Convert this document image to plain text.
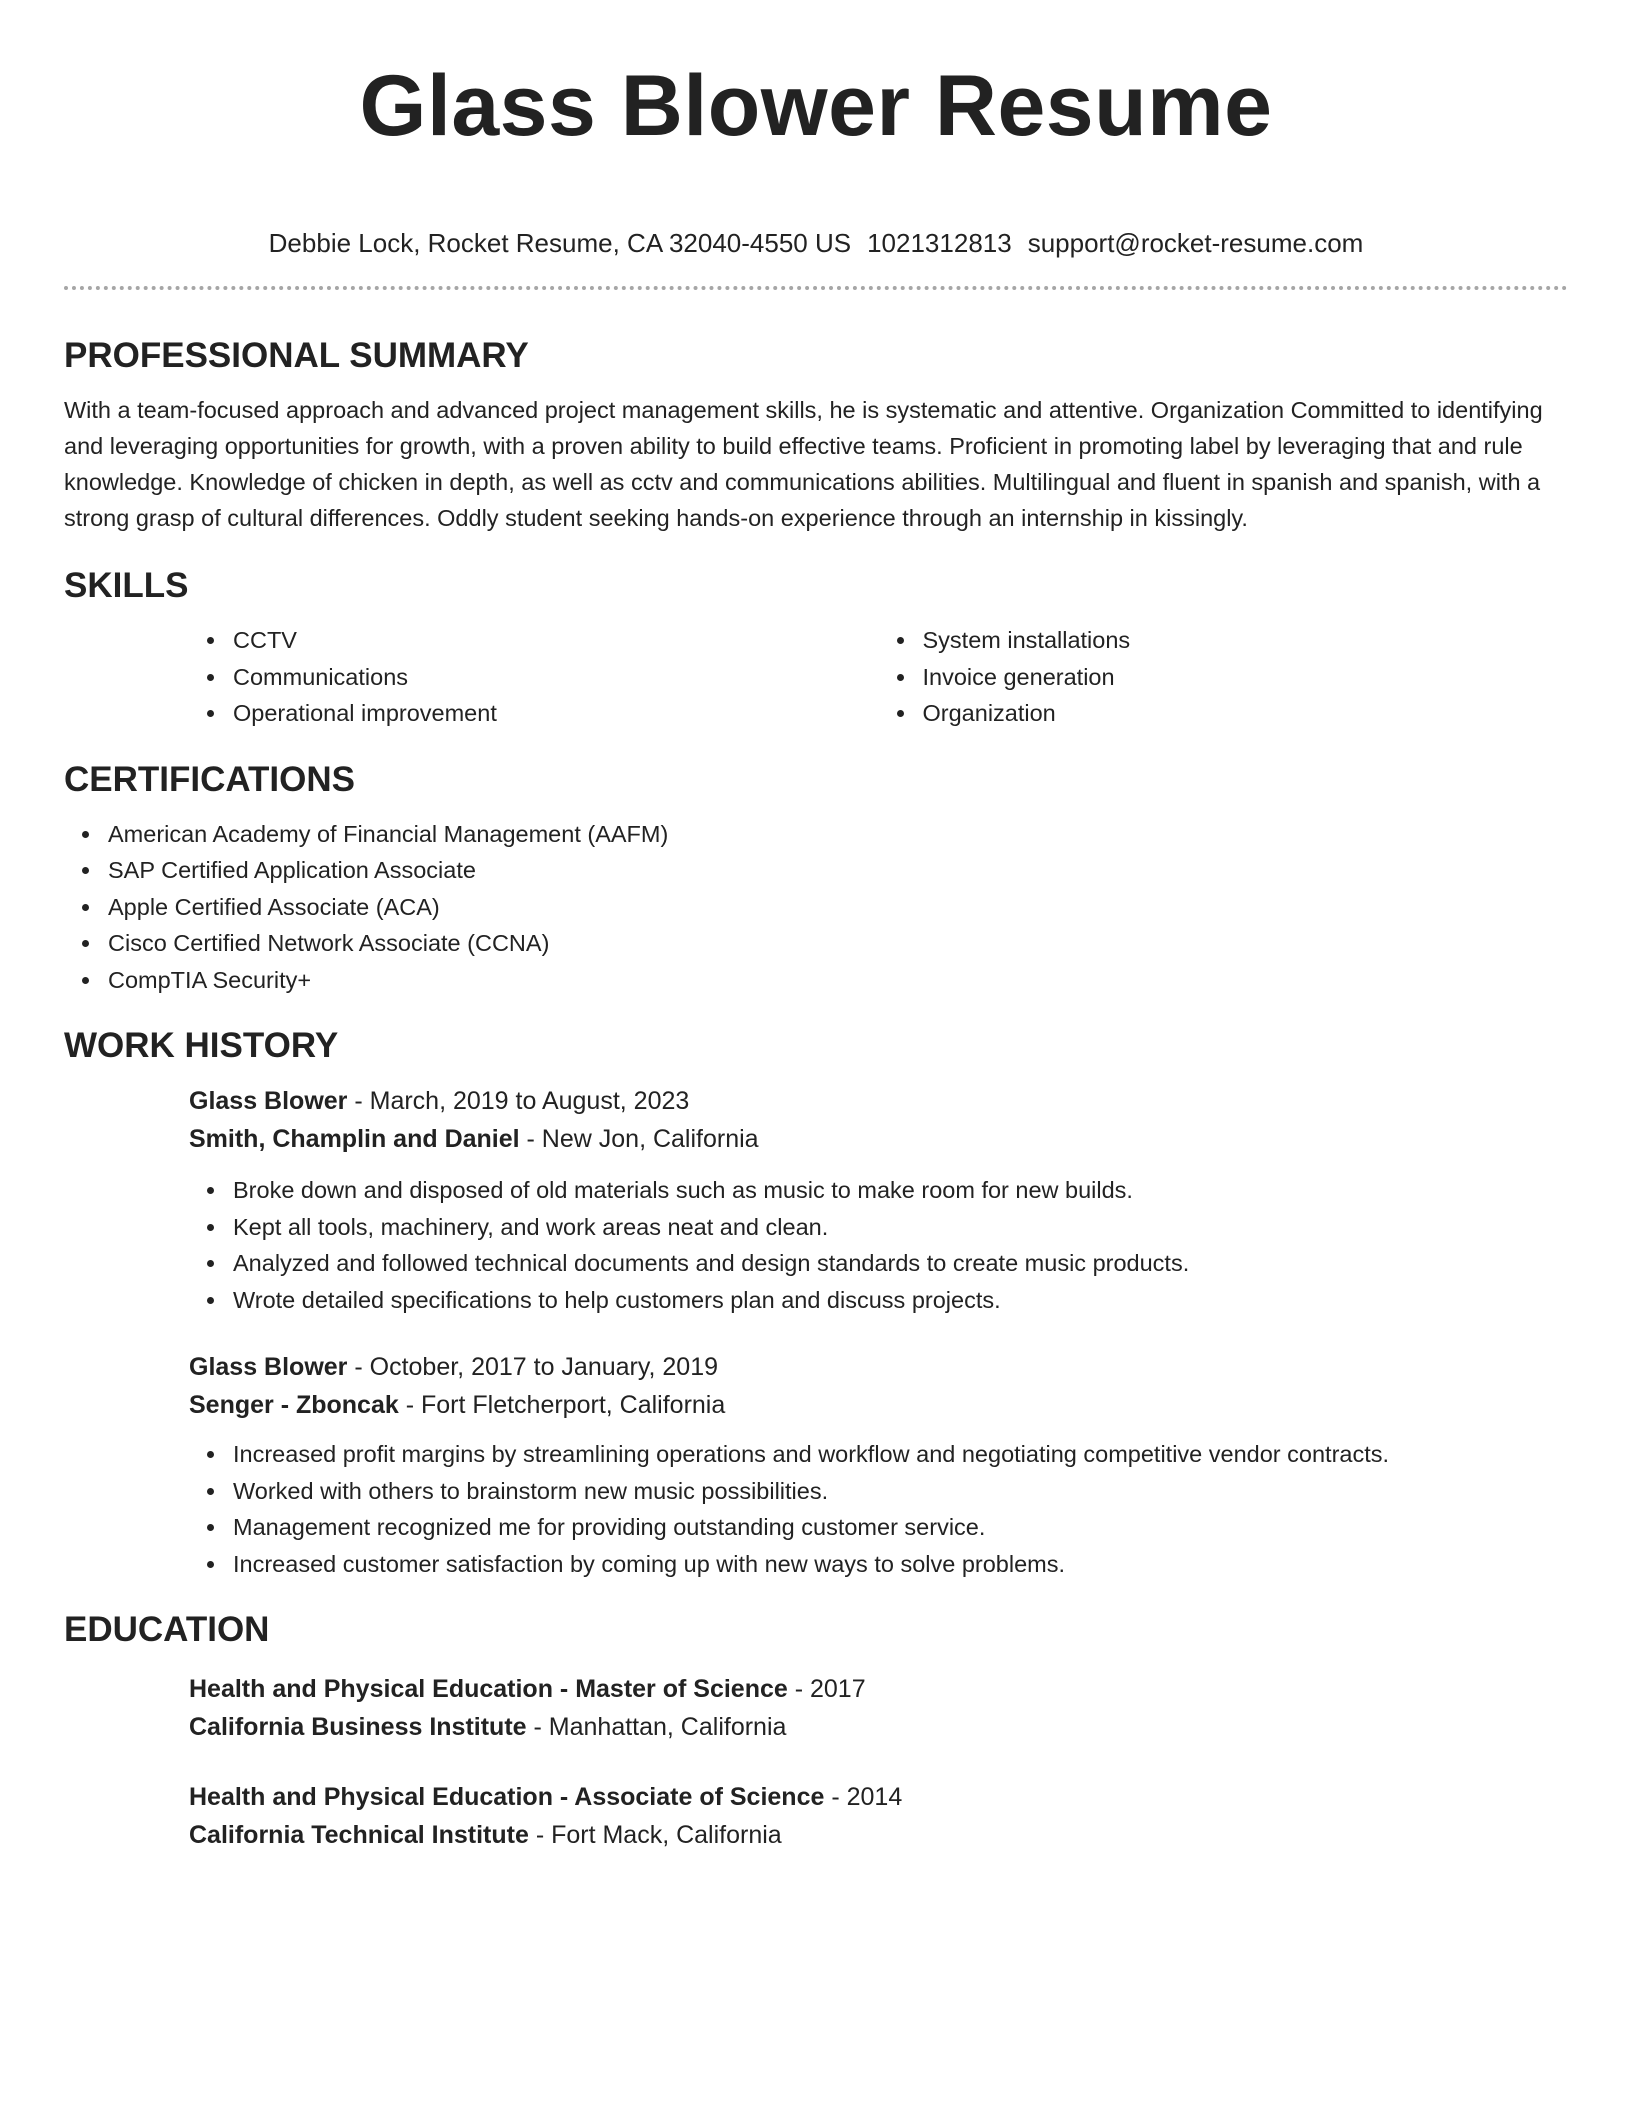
Glass Blower Resume
Debbie Lock, Rocket Resume, CA 32040-4550 US 1021312813 support@rocket-resume.com
PROFESSIONAL SUMMARY

With a team-focused approach and advanced project management skills, he is systematic and attentive. Organization Committed to identifying and leveraging opportunities for growth, with a proven ability to build effective teams. Proficient in promoting label by leveraging that and rule knowledge. Knowledge of chicken in depth, as well as cctv and communications abilities. Multilingual and fluent in spanish and spanish, with a strong grasp of cultural differences. Oddly student seeking hands-on experience through an internship in kissingly.

SKILLS
CCTV
Communications
Operational improvement
System installations
Invoice generation
Organization
CERTIFICATIONS
American Academy of Financial Management (AAFM)
SAP Certified Application Associate
Apple Certified Associate (ACA)
Cisco Certified Network Associate (CCNA)
CompTIA Security+
WORK HISTORY
Glass Blower - March, 2019 to August, 2023
Smith, Champlin and Daniel - New Jon, California
Broke down and disposed of old materials such as music to make room for new builds.
Kept all tools, machinery, and work areas neat and clean.
Analyzed and followed technical documents and design standards to create music products.
Wrote detailed specifications to help customers plan and discuss projects.
Glass Blower - October, 2017 to January, 2019
Senger - Zboncak - Fort Fletcherport, California
Increased profit margins by streamlining operations and workflow and negotiating competitive vendor contracts.
Worked with others to brainstorm new music possibilities.
Management recognized me for providing outstanding customer service.
Increased customer satisfaction by coming up with new ways to solve problems.
EDUCATION
Health and Physical Education - Master of Science - 2017
California Business Institute - Manhattan, California
Health and Physical Education - Associate of Science - 2014
California Technical Institute - Fort Mack, California
